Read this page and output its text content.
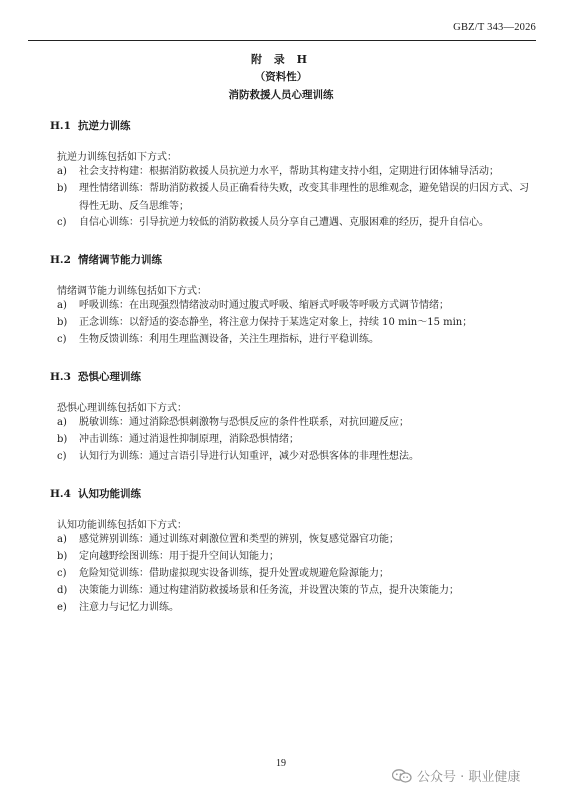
GBZ/T 343—2026
附 录 H
（资料性）
消防救援人员心理训练
H.1 抗逆力训练
抗逆力训练包括如下方式：
a)	社会支持构建：根据消防救援人员抗逆力水平，帮助其构建支持小组，定期进行团体辅导活动；
b)	理性情绪训练：帮助消防救援人员正确看待失败，改变其非理性的思维观念，避免错误的归因方式、习得性无助、反刍思维等；
c)	自信心训练：引导抗逆力较低的消防救援人员分享自己遭遇、克服困难的经历，提升自信心。
H.2 情绪调节能力训练
情绪调节能力训练包括如下方式：
a)	呼吸训练：在出现强烈情绪波动时通过腹式呼吸、缩唇式呼吸等呼吸方式调节情绪；
b)	正念训练：以舒适的姿态静坐，将注意力保持于某选定对象上，持续 10 min～15 min；
c)	生物反馈训练：利用生理监测设备，关注生理指标，进行平稳训练。
H.3 恐惧心理训练
恐惧心理训练包括如下方式：
a)	脱敏训练：通过消除恐惧刺激物与恐惧反应的条件性联系，对抗回避反应；
b)	冲击训练：通过消退性抑制原理，消除恐惧情绪；
c)	认知行为训练：通过言语引导进行认知重评，减少对恐惧客体的非理性想法。
H.4 认知功能训练
认知功能训练包括如下方式：
a)	感觉辨别训练：通过训练对刺激位置和类型的辨别，恢复感觉器官功能；
b)	定向越野绘图训练：用于提升空间认知能力；
c)	危险知觉训练：借助虚拟现实设备训练，提升处置或规避危险源能力；
d)	决策能力训练：通过构建消防救援场景和任务流，并设置决策的节点，提升决策能力；
e)	注意力与记忆力训练。
19
公众号 · 职业健康
